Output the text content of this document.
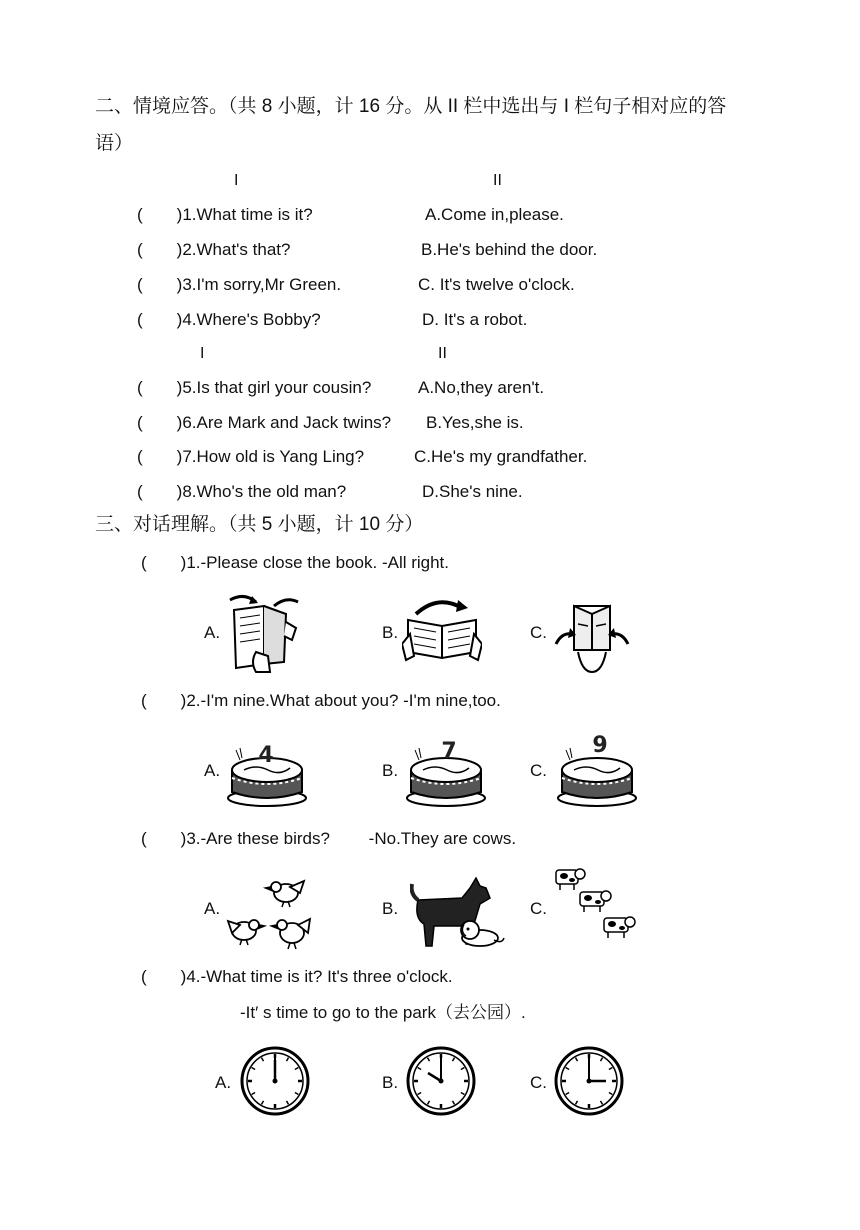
二、情境应答。（共 8 小题，计 16 分。从 II 栏中选出与 I 栏句子相对应的答
语）
I	II
(　　)1.What time is it?	A.Come in,please.
(　　)2.What's that?	B.He's behind the door.
(　　)3.I'm sorry,Mr Green.	C. It's twelve o'clock.
(　　)4.Where's Bobby?	D. It's a robot.
I	II
(　　)5.Is that girl your cousin?	A.No,they aren't.
(　　)6.Are Mark and Jack twins? B.Yes,she is.
(　　)7.How old is Yang Ling?	C.He's my grandfather.
(　　)8.Who's the old man?	D.She's nine.
三、对话理解。（共 5 小题，计 10 分）
(　　)1.-Please close the book. -All right.
A.	B.	C.
(　　)2.-I'm nine.What about you? -I'm nine,too.
A.	B.	C.
4	7	9
(　　)3.-Are these birds?　　 -No.They are cows.
A.	B.	C.
(　　)4.-What time is it? It's three o'clock.
-It′ s time to go to the park（去公园）.
A.	B.	C.
